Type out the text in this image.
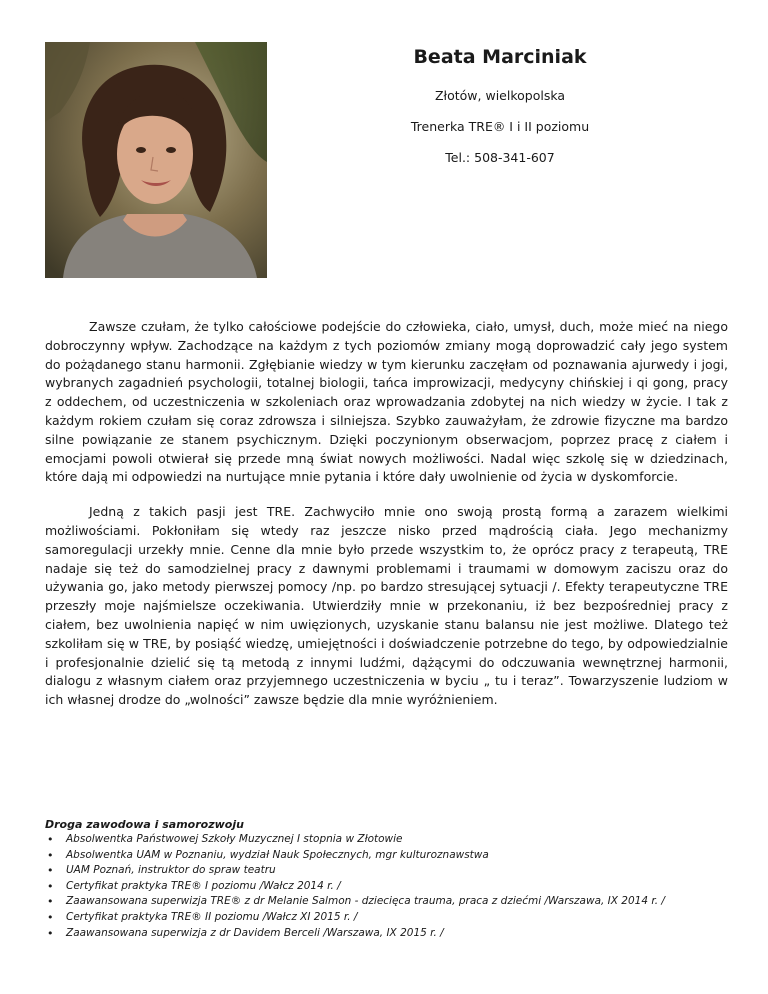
Beata Marciniak

Złotów, wielkopolska

Trenerka TRE® I i II poziomu

Tel.: 508-341-607

Zawsze czułam, że tylko całościowe podejście do człowieka, ciało, umysł, duch, może mieć na niego dobroczynny wpływ. Zachodzące na każdym z tych poziomów zmiany mogą doprowadzić cały jego system do pożądanego stanu harmonii. Zgłębianie wiedzy w tym kierunku zaczęłam od poznawania ajurwedy i jogi, wybranych zagadnień psychologii, totalnej biologii, tańca improwizacji, medycyny chińskiej i qi gong, pracy z oddechem, od uczestniczenia w szkoleniach oraz wprowadzania zdobytej na nich wiedzy w życie. I tak z każdym rokiem czułam się coraz zdrowsza i silniejsza. Szybko zauważyłam, że zdrowie fizyczne ma bardzo silne powiązanie ze stanem psychicznym. Dzięki poczynionym obserwacjom, poprzez pracę z ciałem i emocjami powoli otwierał się przede mną świat nowych możliwości. Nadal więc szkolę się w dziedzinach, które dają mi odpowiedzi na nurtujące mnie pytania i które dały uwolnienie od życia w dyskomforcie.

Jedną z takich pasji jest TRE. Zachwyciło mnie ono swoją prostą formą a zarazem wielkimi możliwościami. Pokłoniłam się wtedy raz jeszcze nisko przed mądrością ciała. Jego mechanizmy samoregulacji urzekły mnie. Cenne dla mnie było przede wszystkim to, że oprócz pracy z terapeutą, TRE nadaje się też do samodzielnej pracy z dawnymi problemami i traumami w domowym zaciszu oraz do używania go, jako metody pierwszej pomocy /np. po bardzo stresującej sytuacji /. Efekty terapeutyczne TRE przeszły moje najśmielsze oczekiwania. Utwierdziły mnie w przekonaniu, iż bez bezpośredniej pracy z ciałem, bez uwolnienia napięć w nim uwięzionych, uzyskanie stanu balansu nie jest możliwe. Dlatego też szkoliłam się w TRE, by posiąść wiedzę, umiejętności i doświadczenie potrzebne do tego, by odpowiedzialnie i profesjonalnie dzielić się tą metodą z innymi ludźmi, dążącymi do odczuwania wewnętrznej harmonii, dialogu z własnym ciałem oraz przyjemnego uczestniczenia w byciu „ tu i teraz”. Towarzyszenie ludziom w ich własnej drodze do „wolności” zawsze będzie dla mnie wyróżnieniem.

Droga zawodowa i samorozwoju

• Absolwentka Państwowej Szkoły Muzycznej I stopnia w Złotowie
• Absolwentka UAM w Poznaniu, wydział Nauk Społecznych, mgr kulturoznawstwa
• UAM Poznań, instruktor do spraw teatru
• Certyfikat praktyka TRE® I poziomu /Wałcz 2014 r. /
• Zaawansowana superwizja TRE® z dr Melanie Salmon - dziecięca trauma, praca z dziećmi /Warszawa, IX 2014 r. /
• Certyfikat praktyka TRE® II poziomu /Wałcz XI 2015 r. /
• Zaawansowana superwizja z dr Davidem Berceli /Warszawa, IX 2015 r. /
